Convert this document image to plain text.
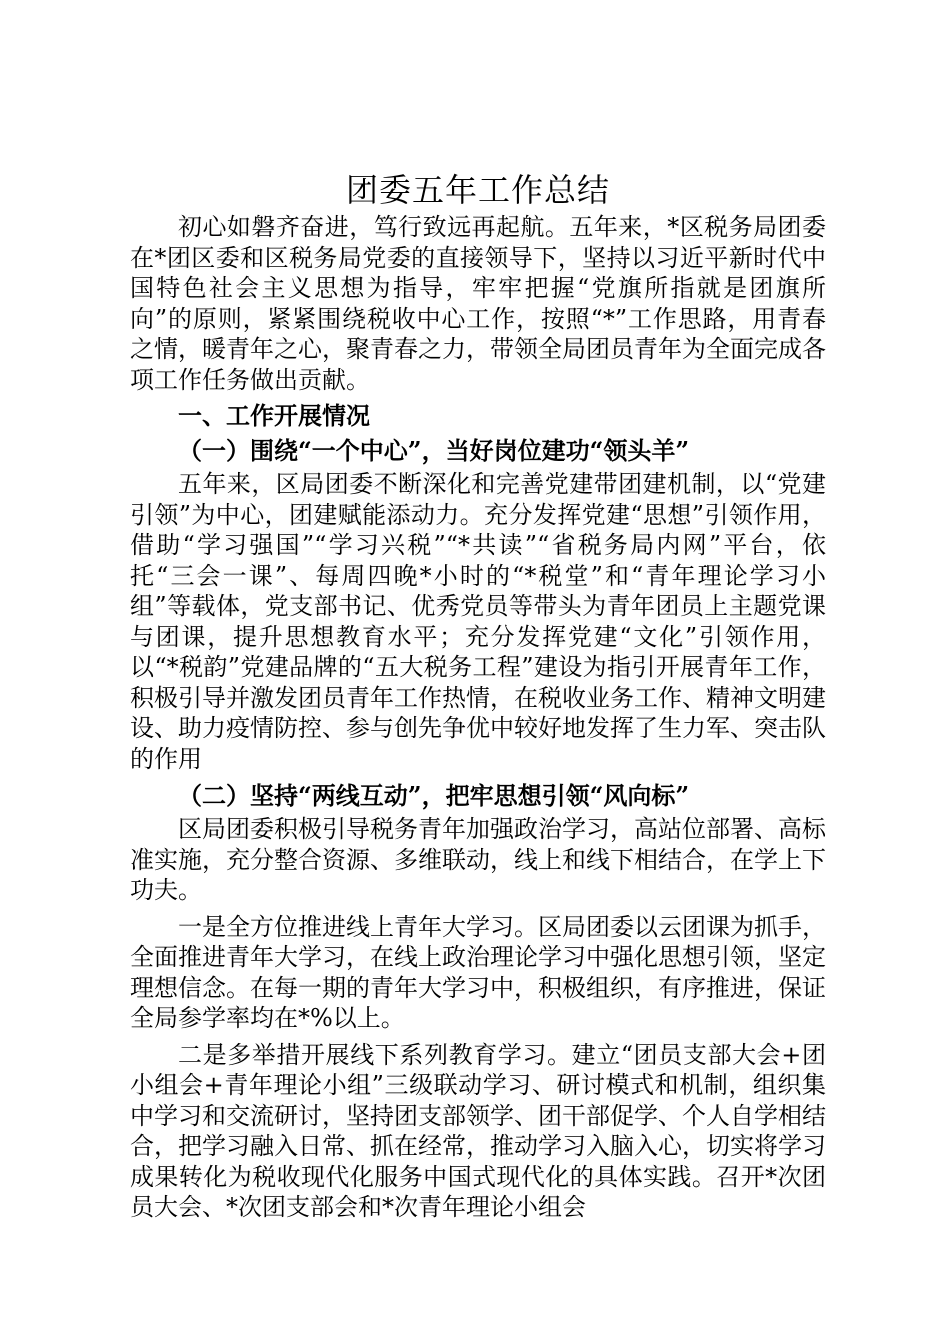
团委五年工作总结

初心如磐齐奋进，笃行致远再起航。五年来，*区税务局团委在*团区委和区税务局党委的直接领导下，坚持以习近平新时代中国特色社会主义思想为指导，牢牢把握“党旗所指就是团旗所向”的原则，紧紧围绕税收中心工作，按照“*”工作思路，用青春之情，暖青年之心，聚青春之力，带领全局团员青年为全面完成各项工作任务做出贡献。

一、工作开展情况

（一）围绕“一个中心”，当好岗位建功“领头羊”

五年来，区局团委不断深化和完善党建带团建机制，以“党建引领”为中心，团建赋能添动力。充分发挥党建“思想”引领作用，借助“学习强国”“学习兴税”“*共读”“省税务局内网”平台，依托“三会一课”、每周四晚*小时的“*税堂”和“青年理论学习小组”等载体，党支部书记、优秀党员等带头为青年团员上主题党课与团课，提升思想教育水平；充分发挥党建“文化”引领作用，以“*税韵”党建品牌的“五大税务工程”建设为指引开展青年工作，积极引导并激发团员青年工作热情，在税收业务工作、精神文明建设、助力疫情防控、参与创先争优中较好地发挥了生力军、突击队的作用

（二）坚持“两线互动”，把牢思想引领“风向标”

区局团委积极引导税务青年加强政治学习，高站位部署、高标准实施，充分整合资源、多维联动，线上和线下相结合，在学上下功夫。

一是全方位推进线上青年大学习。区局团委以云团课为抓手，全面推进青年大学习，在线上政治理论学习中强化思想引领，坚定理想信念。在每一期的青年大学习中，积极组织，有序推进，保证全局参学率均在*%以上。

二是多举措开展线下系列教育学习。建立“团员支部大会+团小组会+青年理论小组”三级联动学习、研讨模式和机制，组织集中学习和交流研讨，坚持团支部领学、团干部促学、个人自学相结合，把学习融入日常、抓在经常，推动学习入脑入心，切实将学习成果转化为税收现代化服务中国式现代化的具体实践。召开*次团员大会、*次团支部会和*次青年理论小组会
